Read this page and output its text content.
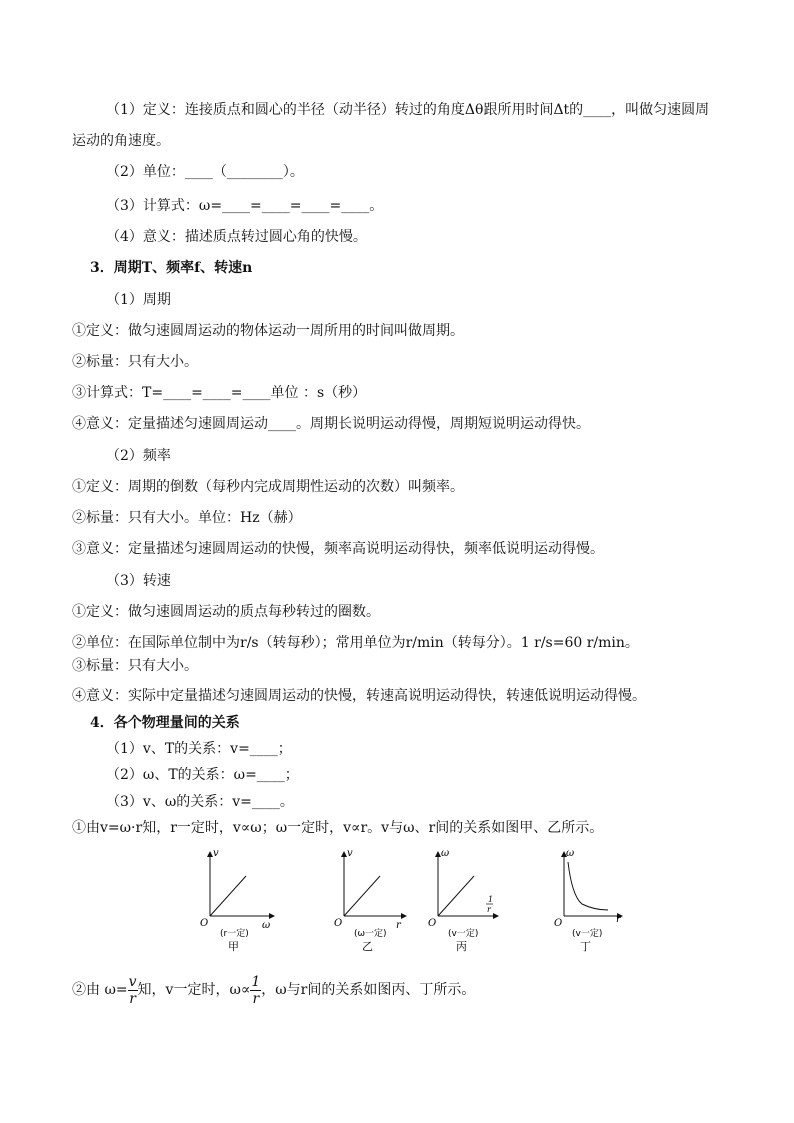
（1）定义：连接质点和圆心的半径（动半径）转过的角度Δθ跟所用时间Δt的____，叫做匀速圆周
运动的角速度。
（2）单位：____（________）。
（3）计算式：ω=____=____=____=____。
（4）意义：描述质点转过圆心角的快慢。
3．周期T、频率f、转速n
（1）周期
①定义：做匀速圆周运动的物体运动一周所用的时间叫做周期。
②标量：只有大小。
③计算式：T=____=____=____单位 ：s（秒）
④意义：定量描述匀速圆周运动____。周期长说明运动得慢，周期短说明运动得快。
（2）频率
①定义：周期的倒数（每秒内完成周期性运动的次数）叫频率。
②标量：只有大小。单位：Hz（赫）
③意义：定量描述匀速圆周运动的快慢，频率高说明运动得快，频率低说明运动得慢。
（3）转速
①定义：做匀速圆周运动的质点每秒转过的圈数。
②单位：在国际单位制中为r/s（转每秒）；常用单位为r/min（转每分）。1 r/s=60 r/min。
③标量：只有大小。
④意义：实际中定量描述匀速圆周运动的快慢，转速高说明运动得快，转速低说明运动得慢。
4．各个物理量间的关系
（1）v、T的关系：v=____；
（2）ω、T的关系：ω=____；
（3）v、ω的关系：v=____。
①由v=ω·r知，r一定时，v∝ω；ω一定时，v∝r。v与ω、r间的关系如图甲、乙所示。
v
ω
O
(r一定)
甲
v
r
O
(ω一定)
乙
ω
1
r
O
(v一定)
丙
ω
r
O
(v一定)
丁
②由 $\omega= \frac{v}{r}$ 知，v一定时，$\omega\propto \frac{1}{r}$ ，ω与r间的关系如图丙、丁所示。
